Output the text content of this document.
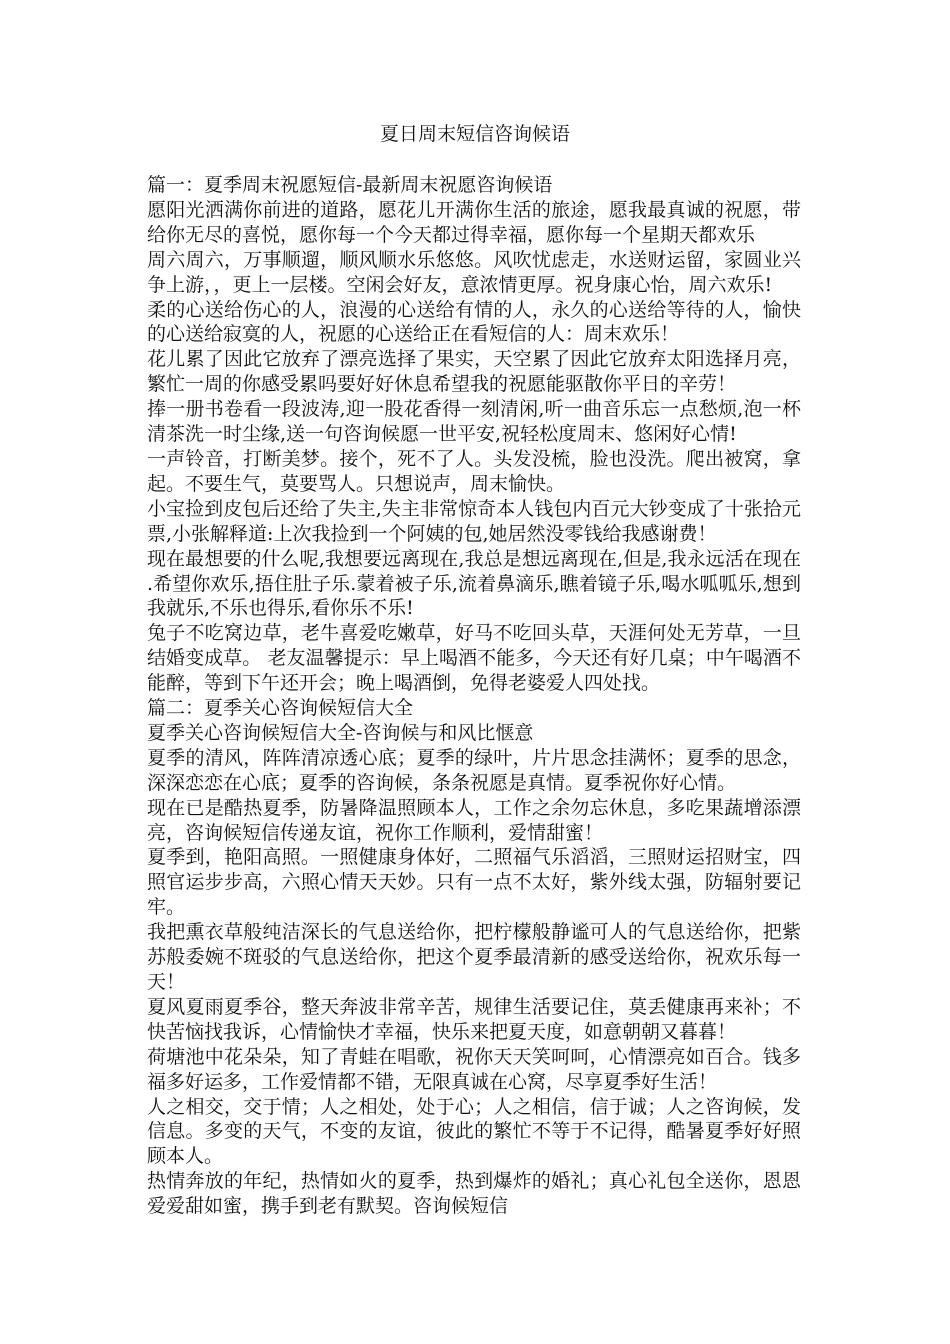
夏日周末短信咨询候语

篇一：夏季周末祝愿短信-最新周末祝愿咨询候语

愿阳光洒满你前进的道路，愿花儿开满你生活的旅途，愿我最真诚的祝愿，带给你无尽的喜悦，愿你每一个今天都过得幸福，愿你每一个星期天都欢乐

周六周六，万事顺遛，顺风顺水乐悠悠。风吹忧虑走，水送财运留，家圆业兴争上游，，更上一层楼。空闲会好友，意浓情更厚。祝身康心怡，周六欢乐!

柔的心送给伤心的人，浪漫的心送给有情的人，永久的心送给等待的人，愉快的心送给寂寞的人，祝愿的心送给正在看短信的人：周末欢乐！

花儿累了因此它放弃了漂亮选择了果实，天空累了因此它放弃太阳选择月亮，繁忙一周的你感受累吗要好好休息希望我的祝愿能驱散你平日的辛劳！

捧一册书卷看一段波涛,迎一股花香得一刻清闲,听一曲音乐忘一点愁烦,泡一杯清茶洗一时尘缘,送一句咨询候愿一世平安,祝轻松度周末、悠闲好心情!

一声铃音，打断美梦。接个，死不了人。头发没梳，脸也没洗。爬出被窝，拿起。不要生气，莫要骂人。只想说声，周末愉快。

小宝捡到皮包后还给了失主,失主非常惊奇本人钱包内百元大钞变成了十张拾元票,小张解释道:上次我捡到一个阿姨的包,她居然没零钱给我感谢费！

现在最想要的什么呢,我想要远离现在,我总是想远离现在,但是,我永远活在现在.希望你欢乐,捂住肚子乐.蒙着被子乐,流着鼻滴乐,瞧着镜子乐,喝水呱呱乐,想到我就乐,不乐也得乐,看你乐不乐!

兔子不吃窝边草，老牛喜爱吃嫩草，好马不吃回头草，天涯何处无芳草，一旦结婚变成草。 老友温馨提示：早上喝酒不能多，今天还有好几桌；中午喝酒不能醉，等到下午还开会；晚上喝酒倒，免得老婆爱人四处找。

篇二：夏季关心咨询候短信大全

夏季关心咨询候短信大全-咨询候与和风比惬意

夏季的清风，阵阵清凉透心底；夏季的绿叶，片片思念挂满怀；夏季的思念，深深恋恋在心底；夏季的咨询候，条条祝愿是真情。夏季祝你好心情。

现在已是酷热夏季，防暑降温照顾本人，工作之余勿忘休息，多吃果蔬增添漂亮，咨询候短信传递友谊，祝你工作顺利，爱情甜蜜！

夏季到，艳阳高照。一照健康身体好，二照福气乐滔滔，三照财运招财宝，四照官运步步高，六照心情天天妙。只有一点不太好，紫外线太强，防辐射要记牢。

我把熏衣草般纯洁深长的气息送给你，把柠檬般静谧可人的气息送给你，把紫苏般委婉不斑驳的气息送给你，把这个夏季最清新的感受送给你，祝欢乐每一天！

夏风夏雨夏季谷，整天奔波非常辛苦，规律生活要记住，莫丢健康再来补；不快苦恼找我诉，心情愉快才幸福，快乐来把夏天度，如意朝朝又暮暮！

荷塘池中花朵朵，知了青蛙在唱歌，祝你天天笑呵呵，心情漂亮如百合。钱多福多好运多，工作爱情都不错，无限真诚在心窝，尽享夏季好生活！

人之相交，交于情；人之相处，处于心；人之相信，信于诚；人之咨询候，发信息。多变的天气，不变的友谊，彼此的繁忙不等于不记得，酷暑夏季好好照顾本人。

热情奔放的年纪，热情如火的夏季，热到爆炸的婚礼；真心礼包全送你，恩恩爱爱甜如蜜，携手到老有默契。咨询候短信
